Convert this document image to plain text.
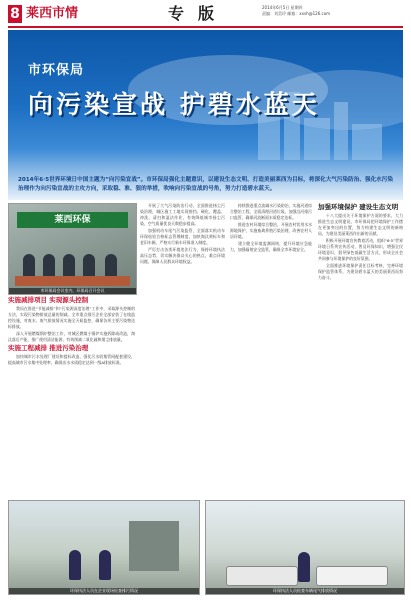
8 莱西市情	专版	2014年6月5日 星期四
责编：刘美玲 邮箱：xxsh@126.com
市环保局
向污染宣战 护碧水蓝天
2014年6·5世界环境日中国主题为“向污染宣战”。市环保局强化主题意识，以建设生态文明、打造美丽莱西为目标，将深化大气污染防治、强化水污染治理作为向污染宣战的主攻方向，采取稳、准、狠的举措，吹响向污染宣战的号角，努力打造碧水蓝天。
莱西环保
市环保局会议室内，环保局召开会议

实施减排项目 实现源头控制

我局在推进“节能减排”和“污染源深度治理”工作中，采取源头控制的方法，实现污染物排放总量的削减。全市重点排污企业全部安装了在线监控设施，对废水、废气排放情况实施全天候监控，确保各项主要污染物达标排放。

深入开展燃煤锅炉整治工作，对城区燃煤小锅炉实施拆除或改造，淘汰落后产能，推广使用清洁能源，有效削减二氧化硫和烟尘排放量。

实施工程减排 推进污染治理

加快城市污水处理厂建设和提标改造，强化污水收集管网配套建设，提高城市污水集中处理率，确保出水水质稳定达到一级A排放标准。

开展了大气污染防治行动，全面推进扬尘污染治理，城区施工工地实现围挡、硬化、覆盖、冲洗、清扫和湿法作业，有效降低城市扬尘污染，空气质量优良天数稳步提高。

加强机动车尾气污染监管，全面落实机动车环保检验合格标志管理制度，加快淘汰黄标车和老旧车辆，严格实行新车环保准入制度。

严厉打击各类环境违法行为，保持环境执法高压态势，切实解决群众关心的热点、难点环境问题，保障人民群众环境权益。

持续推进重点流域水污染防治，实施河道综合整治工程，全面清理河道垃圾，加强沿河排污口监管，确保河流断面水质稳定达标。

推进农村环境综合整治，开展农村饮用水水源地保护，实施畜禽养殖污染治理，改善农村人居环境。

建立健全环境监测网络，提升环境应急能力，加强辐射安全监管，确保全市环境安全。

加强环境保护 建设生态文明

十八大提出关于环境保护方面的要求，大力推进生态文明建设。市环保局把环境保护工作摆在更加突出的位置，努力构建生态文明的新格局，为建设美丽莱西作出新的贡献。

积极开展环境宣传教育活动，组织“6·5”世界环境日系列宣传活动，普及环保知识，增强全民环境意识，倡导绿色低碳生活方式，形成全社会共同参与环境保护的良好氛围。

全面推进环境保护责任目标考核，完善环境保护监管体系，为建设碧水蓝天的美丽莱西而努力奋斗。

环保执法人员在企业现场检查排污情况	环保执法人员检查车辆尾气排放情况
